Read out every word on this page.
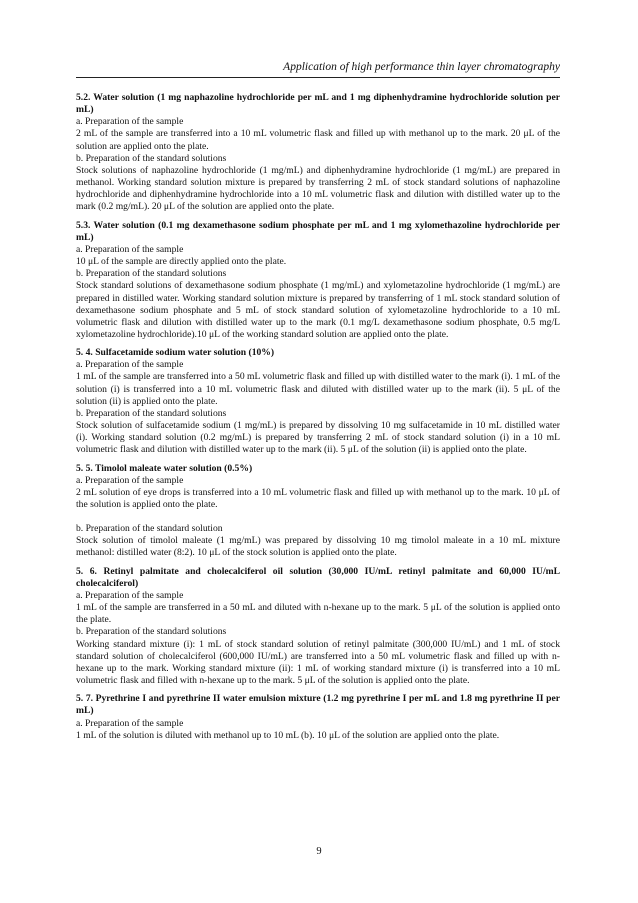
Application of high performance thin layer chromatography
5.2. Water solution (1 mg naphazoline hydrochloride per mL and 1 mg diphenhydramine hydrochloride solution per mL)

a. Preparation of the sample

2 mL of the sample are transferred into a 10 mL volumetric flask and filled up with methanol up to the mark. 20 μL of the solution are applied onto the plate.

b. Preparation of the standard solutions

Stock solutions of naphazoline hydrochloride (1 mg/mL) and diphenhydramine hydrochloride (1 mg/mL) are prepared in methanol. Working standard solution mixture is prepared by transferring 2 mL of stock standard solutions of naphazoline hydrochloride and diphenhydramine hydrochloride into a 10 mL volumetric flask and dilution with distilled water up to the mark (0.2 mg/mL). 20 μL of the solution are applied onto the plate.

5.3. Water solution (0.1 mg dexamethasone sodium phosphate per mL and 1 mg xylomethazoline hydrochloride per mL)

a. Preparation of the sample

10 μL of the sample are directly applied onto the plate.

b. Preparation of the standard solutions

Stock standard solutions of dexamethasone sodium phosphate (1 mg/mL) and xylometazoline hydrochloride (1 mg/mL) are prepared in distilled water. Working standard solution mixture is prepared by transferring of 1 mL stock standard solution of dexamethasone sodium phosphate and 5 mL of stock standard solution of xylometazoline hydrochloride to a 10 mL volumetric flask and dilution with distilled water up to the mark (0.1 mg/L dexamethasone sodium phosphate, 0.5 mg/L xylometazoline hydrochloride).10 μL of the working standard solution are applied onto the plate.

5. 4. Sulfacetamide sodium water solution (10%)

a. Preparation of the sample

1 mL of the sample are transferred into a 50 mL volumetric flask and filled up with distilled water to the mark (i). 1 mL of the solution (i) is transferred into a 10 mL volumetric flask and diluted with distilled water up to the mark (ii). 5 μL of the solution (ii) is applied onto the plate.

b. Preparation of the standard solutions

Stock solution of sulfacetamide sodium (1 mg/mL) is prepared by dissolving 10 mg sulfacetamide in 10 mL distilled water (i). Working standard solution (0.2 mg/mL) is prepared by transferring 2 mL of stock standard solution (i) in a 10 mL volumetric flask and dilution with distilled water up to the mark (ii). 5 μL of the solution (ii) is applied onto the plate.

5. 5. Timolol maleate water solution (0.5%)

a. Preparation of the sample

2 mL solution of eye drops is transferred into a 10 mL volumetric flask and filled up with methanol up to the mark. 10 μL of the solution is applied onto the plate.

b. Preparation of the standard solution

Stock solution of timolol maleate (1 mg/mL) was prepared by dissolving 10 mg timolol maleate in a 10 mL mixture methanol: distilled water (8:2). 10 μL of the stock solution is applied onto the plate.

5. 6. Retinyl palmitate and cholecalciferol oil solution (30,000 IU/mL retinyl palmitate and 60,000 IU/mL cholecalciferol)

a. Preparation of the sample

1 mL of the sample are transferred in a 50 mL and diluted with n-hexane up to the mark. 5 μL of the solution is applied onto the plate.

b. Preparation of the standard solutions

Working standard mixture (i): 1 mL of stock standard solution of retinyl palmitate (300,000 IU/mL) and 1 mL of stock standard solution of cholecalciferol (600,000 IU/mL) are transferred into a 50 mL volumetric flask and filled up with n-hexane up to the mark. Working standard mixture (ii): 1 mL of working standard mixture (i) is transferred into a 10 mL volumetric flask and filled with n-hexane up to the mark. 5 μL of the solution is applied onto the plate.

5. 7. Pyrethrine I and pyrethrine II water emulsion mixture (1.2 mg pyrethrine I per mL and 1.8 mg pyrethrine II per mL)

a. Preparation of the sample

1 mL of the solution is diluted with methanol up to 10 mL (b). 10 μL of the solution are applied onto the plate.

9
